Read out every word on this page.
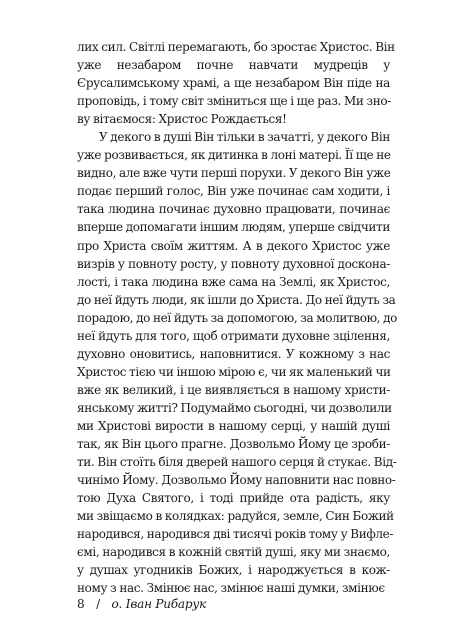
лих сил. Світлі перемагають, бо зростає Христос. Він
уже незабаром почне навчати мудреців у
Єрусалимському храмі, а ще незабаром Він піде на
проповідь, і тому світ зміниться ще і ще раз. Ми зно-
ву вітаємося: Христос Рождається!
У декого в душі Він тільки в зачатті, у декого Він
уже розвивається, як дитинка в лоні матері. Її ще не
видно, але вже чути перші порухи. У декого Він уже
подає перший голос, Він уже починає сам ходити, і
така людина починає духовно працювати, починає
вперше допомагати іншим людям, уперше свідчити
про Христа своїм життям. А в декого Христос уже
визрів у повноту росту, у повноту духовної доскона-
лості, і така людина вже сама на Землі, як Христос,
до неї йдуть люди, як ішли до Христа. До неї йдуть за
порадою, до неї йдуть за допомогою, за молитвою, до
неї йдуть для того, щоб отримати духовне зцілення,
духовно оновитись, наповнитися. У кожному з нас
Христос тією чи іншою мірою є, чи як маленький чи
вже як великий, і це виявляється в нашому христи-
янському житті? Подумаймо сьогодні, чи дозволили
ми Христові вирости в нашому серці, у нашій душі
так, як Він цього прагне. Дозвольмо Йому це зроби-
ти. Він стоїть біля дверей нашого серця й стукає. Від-
чинімо Йому. Дозвольмо Йому наповнити нас повно-
тою Духа Святого, і тоді прийде ота радість, яку
ми звіщаємо в колядках: радуйся, земле, Син Божий
народився, народився дві тисячі років тому у Вифле-
ємі, народився в кожній святій душі, яку ми знаємо,
у душах угодників Божих, і народжується в кож-
ному з нас. Змінює нас, змінює наші думки, змінює
8 / о. Іван Рибарук
